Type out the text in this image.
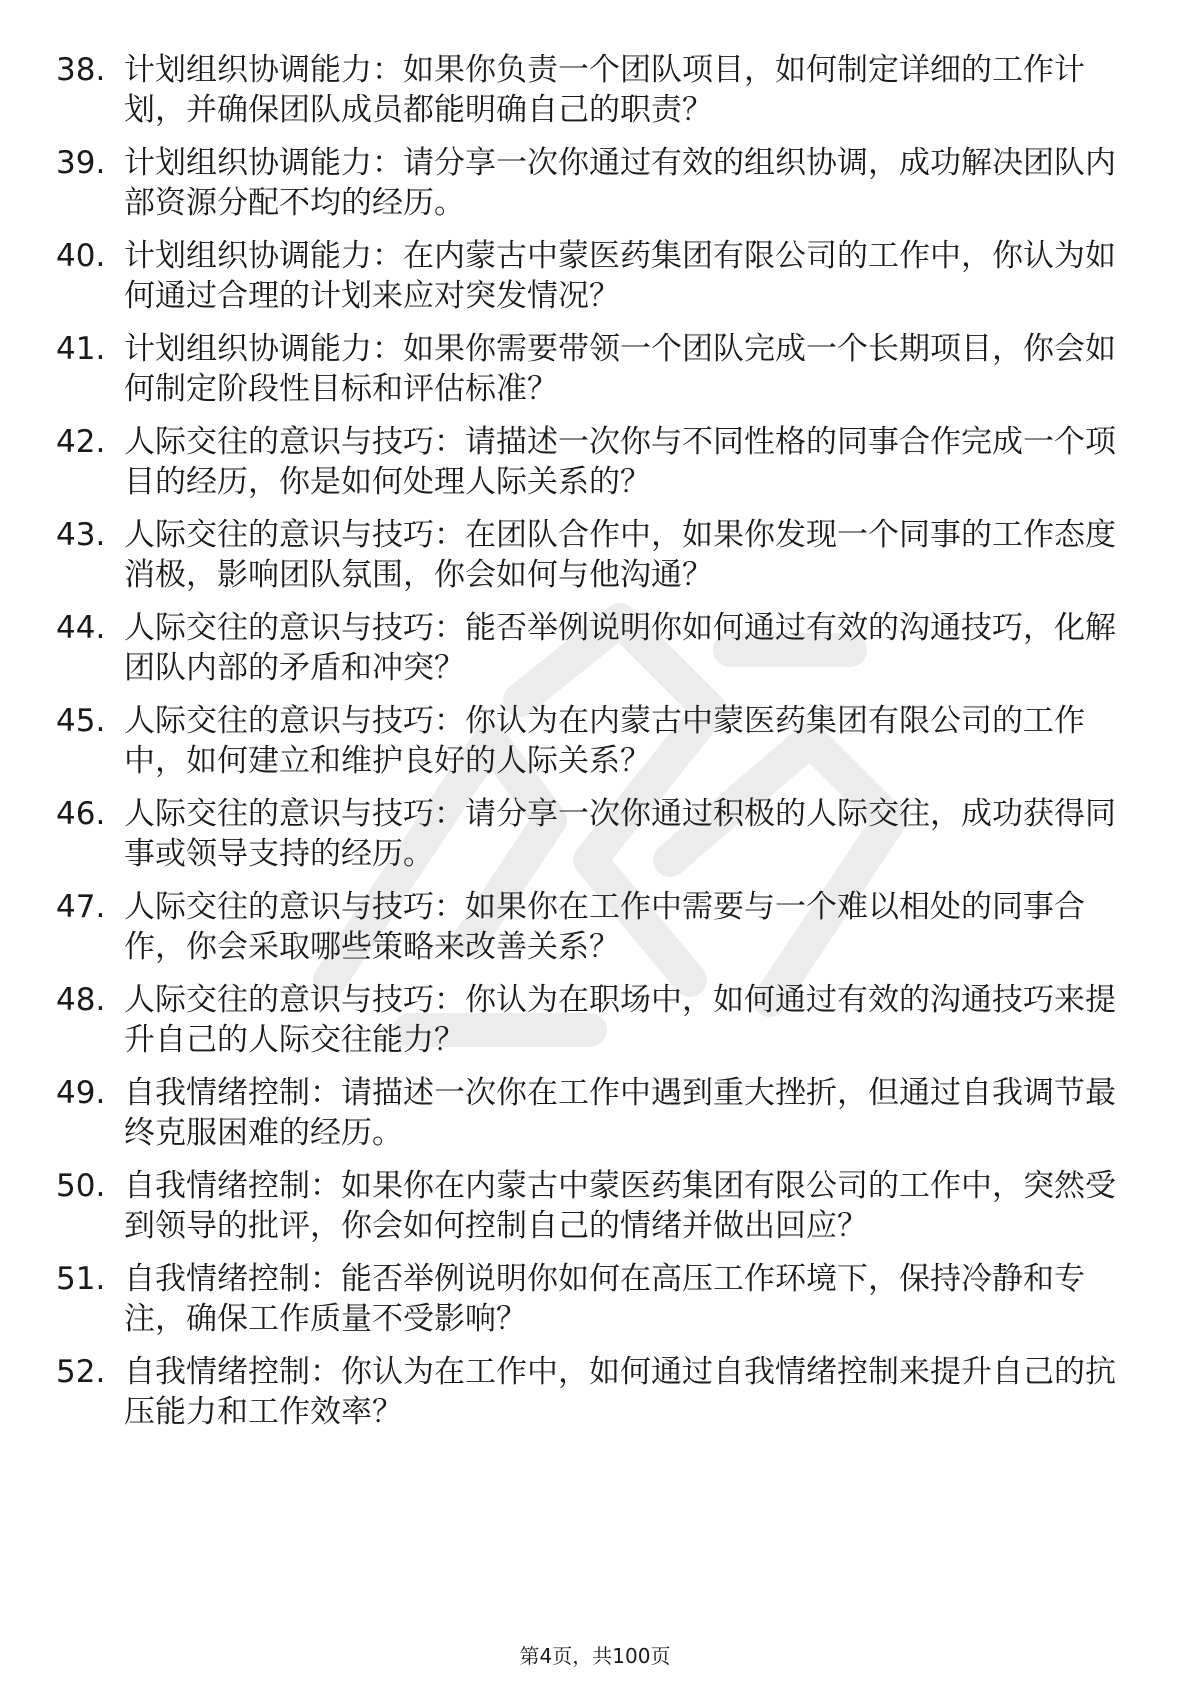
38. 计划组织协调能力：如果你负责一个团队项目，如何制定详细的工作计划，并确保团队成员都能明确自己的职责？
39. 计划组织协调能力：请分享一次你通过有效的组织协调，成功解决团队内部资源分配不均的经历。
40. 计划组织协调能力：在内蒙古中蒙医药集团有限公司的工作中，你认为如何通过合理的计划来应对突发情况？
41. 计划组织协调能力：如果你需要带领一个团队完成一个长期项目，你会如何制定阶段性目标和评估标准？
42. 人际交往的意识与技巧：请描述一次你与不同性格的同事合作完成一个项目的经历，你是如何处理人际关系的？
43. 人际交往的意识与技巧：在团队合作中，如果你发现一个同事的工作态度消极，影响团队氛围，你会如何与他沟通？
44. 人际交往的意识与技巧：能否举例说明你如何通过有效的沟通技巧，化解团队内部的矛盾和冲突？
45. 人际交往的意识与技巧：你认为在内蒙古中蒙医药集团有限公司的工作中，如何建立和维护良好的人际关系？
46. 人际交往的意识与技巧：请分享一次你通过积极的人际交往，成功获得同事或领导支持的经历。
47. 人际交往的意识与技巧：如果你在工作中需要与一个难以相处的同事合作，你会采取哪些策略来改善关系？
48. 人际交往的意识与技巧：你认为在职场中，如何通过有效的沟通技巧来提升自己的人际交往能力？
49. 自我情绪控制：请描述一次你在工作中遇到重大挫折，但通过自我调节最终克服困难的经历。
50. 自我情绪控制：如果你在内蒙古中蒙医药集团有限公司的工作中，突然受到领导的批评，你会如何控制自己的情绪并做出回应？
51. 自我情绪控制：能否举例说明你如何在高压工作环境下，保持冷静和专注，确保工作质量不受影响？
52. 自我情绪控制：你认为在工作中，如何通过自我情绪控制来提升自己的抗压能力和工作效率？
第4页，共100页
